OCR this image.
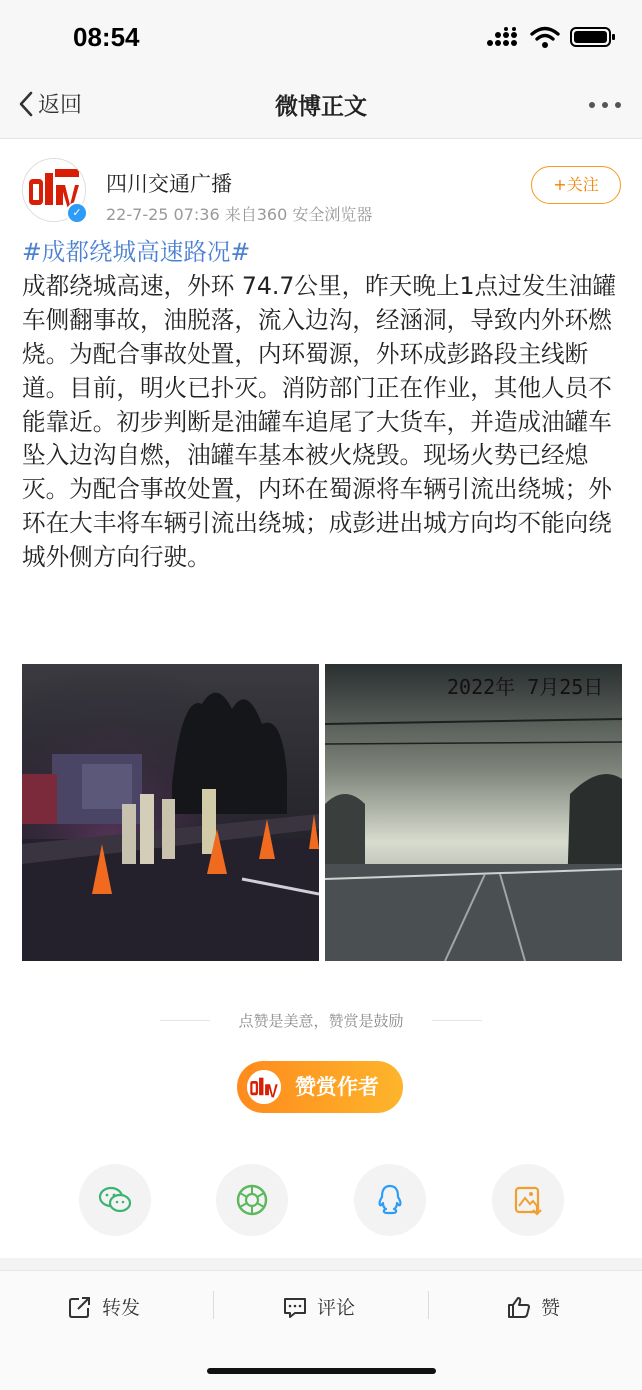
08:54
返回	微博正文
✓
四川交通广播
22-7-25 07:36 来自360 安全浏览器
+关注

#成都绕城高速路况#
成都绕城高速，外环 74.7公里，昨天晚上1点过发生油罐车侧翻事故，油脱落，流入边沟，经涵洞，导致内外环燃烧。为配合事故处置，内环蜀源，外环成彭路段主线断道。目前，明火已扑灭。消防部门正在作业，其他人员不能靠近。初步判断是油罐车追尾了大货车，并造成油罐车坠入边沟自燃，油罐车基本被火烧毁。现场火势已经熄灭。为配合事故处置，内环在蜀源将车辆引流出绕城；外环在大丰将车辆引流出绕城；成彭进出城方向均不能向绕城外侧方向行驶。

2022年 7月25日
点赞是美意，赞赏是鼓励
赞赏作者
转发	评论	赞
